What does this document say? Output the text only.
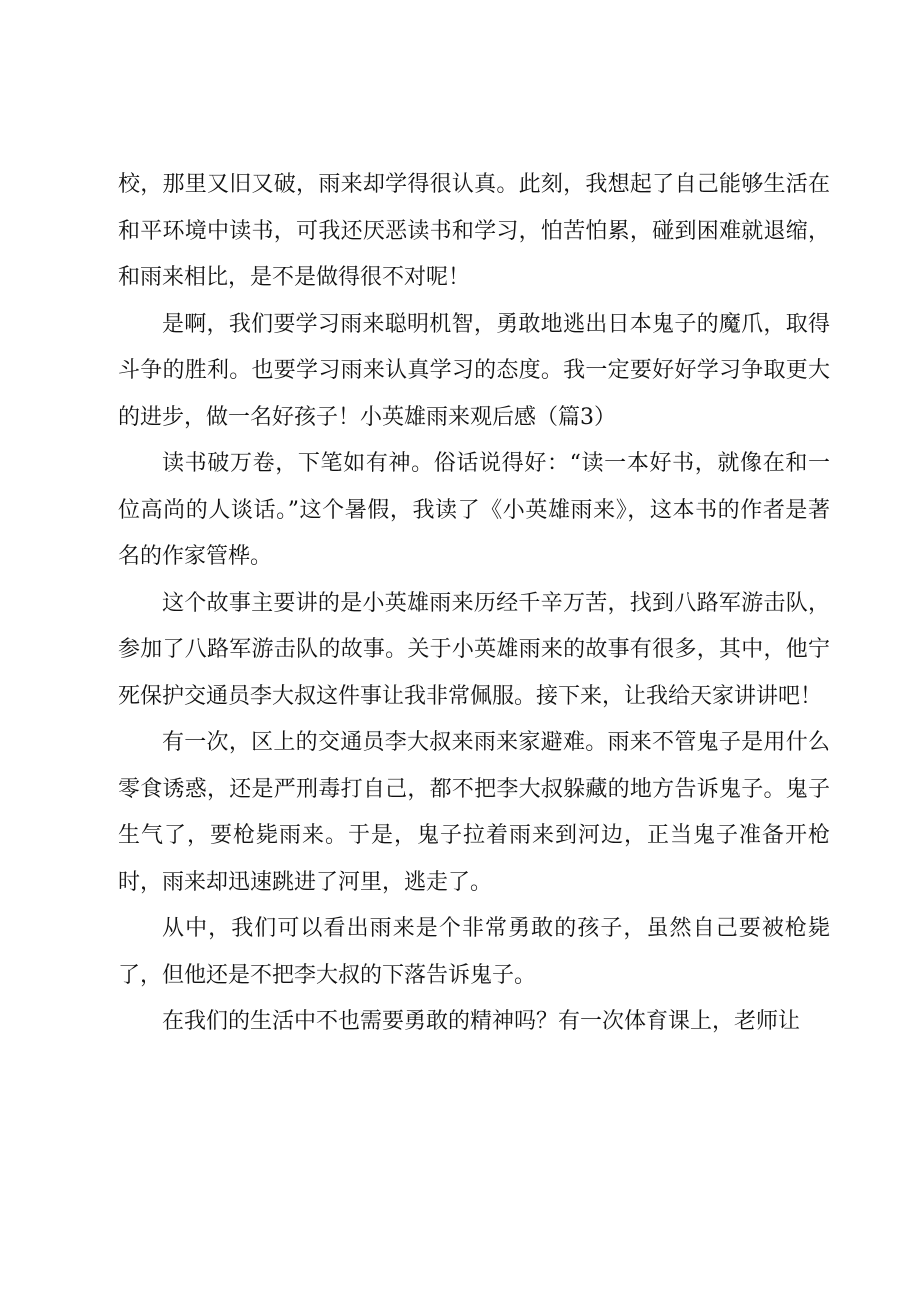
校，那里又旧又破，雨来却学得很认真。此刻，我想起了自己能够生活在和平环境中读书，可我还厌恶读书和学习，怕苦怕累，碰到困难就退缩，和雨来相比，是不是做得很不对呢！

是啊，我们要学习雨来聪明机智，勇敢地逃出日本鬼子的魔爪，取得斗争的胜利。也要学习雨来认真学习的态度。我一定要好好学习争取更大的进步，做一名好孩子！小英雄雨来观后感（篇3）

读书破万卷，下笔如有神。俗话说得好：“读一本好书，就像在和一位高尚的人谈话。”这个暑假，我读了《小英雄雨来》，这本书的作者是著名的作家管桦。

这个故事主要讲的是小英雄雨来历经千辛万苦，找到八路军游击队，参加了八路军游击队的故事。关于小英雄雨来的故事有很多，其中，他宁死保护交通员李大叔这件事让我非常佩服。接下来，让我给天家讲讲吧！

有一次，区上的交通员李大叔来雨来家避难。雨来不管鬼子是用什么零食诱惑，还是严刑毒打自己，都不把李大叔躲藏的地方告诉鬼子。鬼子生气了，要枪毙雨来。于是，鬼子拉着雨来到河边，正当鬼子准备开枪时，雨来却迅速跳进了河里，逃走了。

从中，我们可以看出雨来是个非常勇敢的孩子，虽然自己要被枪毙了，但他还是不把李大叔的下落告诉鬼子。

在我们的生活中不也需要勇敢的精神吗？有一次体育课上，老师让
